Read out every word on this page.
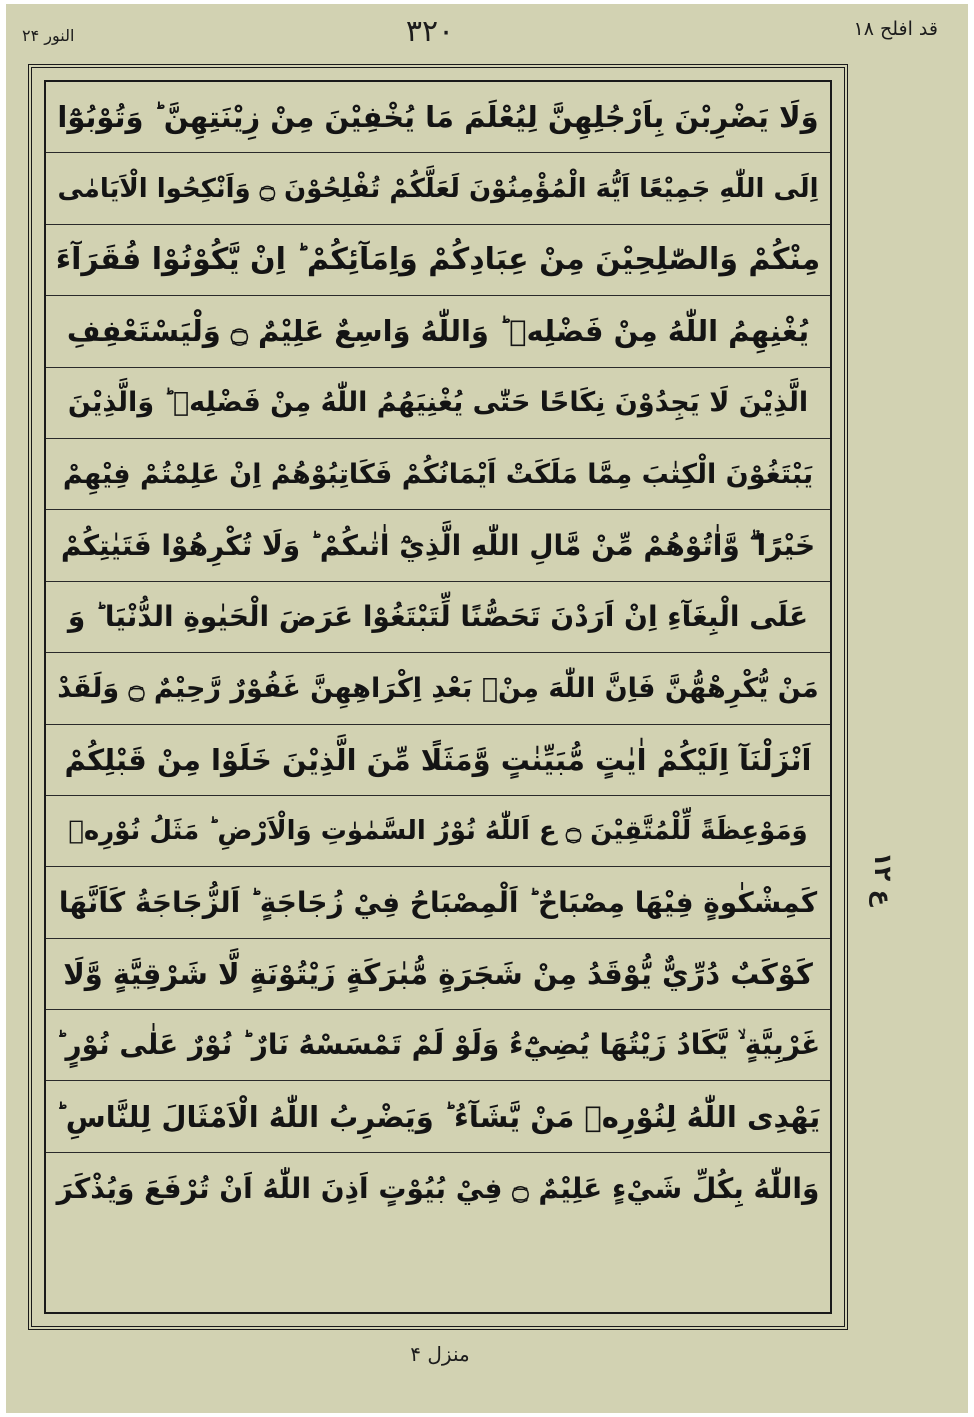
قد افلح ۱۸
۳۲۰
النور ۲۴
وَلَا يَضْرِبْنَ بِاَرْجُلِهِنَّ لِيُعْلَمَ مَا يُخْفِيْنَ مِنْ زِيْنَتِهِنَّ ؕ وَتُوْبُوْٓا
اِلَى اللّٰهِ جَمِيْعًا اَيُّهَ الْمُؤْمِنُوْنَ لَعَلَّكُمْ تُفْلِحُوْنَ ۝ وَاَنْكِحُوا الْاَيَامٰى
مِنْكُمْ وَالصّٰلِحِيْنَ مِنْ عِبَادِكُمْ وَاِمَآئِكُمْ ؕ اِنْ يَّكُوْنُوْا فُقَرَآءَ
يُغْنِهِمُ اللّٰهُ مِنْ فَضْلِهٖ ؕ وَاللّٰهُ وَاسِعٌ عَلِيْمٌ ۝ وَلْيَسْتَعْفِفِ
الَّذِيْنَ لَا يَجِدُوْنَ نِكَاحًا حَتّٰى يُغْنِيَهُمُ اللّٰهُ مِنْ فَضْلِهٖ ؕ وَالَّذِيْنَ
يَبْتَغُوْنَ الْكِتٰبَ مِمَّا مَلَكَتْ اَيْمَانُكُمْ فَكَاتِبُوْهُمْ اِنْ عَلِمْتُمْ فِيْهِمْ
خَيْرًا ۖۗ وَّاٰتُوْهُمْ مِّنْ مَّالِ اللّٰهِ الَّذِيْٓ اٰتٰىكُمْ ؕ وَلَا تُكْرِهُوْا فَتَيٰتِكُمْ
عَلَى الْبِغَآءِ اِنْ اَرَدْنَ تَحَصُّنًا لِّتَبْتَغُوْا عَرَضَ الْحَيٰوةِ الدُّنْيَا ؕ وَ
مَنْ يُّكْرِهْهُّنَّ فَاِنَّ اللّٰهَ مِنْۢ بَعْدِ اِكْرَاهِهِنَّ غَفُوْرٌ رَّحِيْمٌ ۝ وَلَقَدْ
اَنْزَلْنَآ اِلَيْكُمْ اٰيٰتٍ مُّبَيِّنٰتٍ وَّمَثَلًا مِّنَ الَّذِيْنَ خَلَوْا مِنْ قَبْلِكُمْ
وَمَوْعِظَةً لِّلْمُتَّقِيْنَ ۝ ع اَللّٰهُ نُوْرُ السَّمٰوٰتِ وَالْاَرْضِ ؕ مَثَلُ نُوْرِهٖ
كَمِشْكٰوةٍ فِيْهَا مِصْبَاحٌ ؕ اَلْمِصْبَاحُ فِيْ زُجَاجَةٍ ؕ اَلزُّجَاجَةُ كَاَنَّهَا
كَوْكَبٌ دُرِّيٌّ يُّوْقَدُ مِنْ شَجَرَةٍ مُّبٰرَكَةٍ زَيْتُوْنَةٍ لَّا شَرْقِيَّةٍ وَّلَا
غَرْبِيَّةٍ ۙ يَّكَادُ زَيْتُهَا يُضِيْٓءُ وَلَوْ لَمْ تَمْسَسْهُ نَارٌ ؕ نُوْرٌ عَلٰى نُوْرٍ ؕ
يَهْدِى اللّٰهُ لِنُوْرِهٖ مَنْ يَّشَآءُ ؕ وَيَضْرِبُ اللّٰهُ الْاَمْثَالَ لِلنَّاسِ ؕ
وَاللّٰهُ بِكُلِّ شَيْءٍ عَلِيْمٌ ۝ فِيْ بُيُوْتٍ اَذِنَ اللّٰهُ اَنْ تُرْفَعَ وَيُذْكَرَ
ع ۱۲
منزل ۴
